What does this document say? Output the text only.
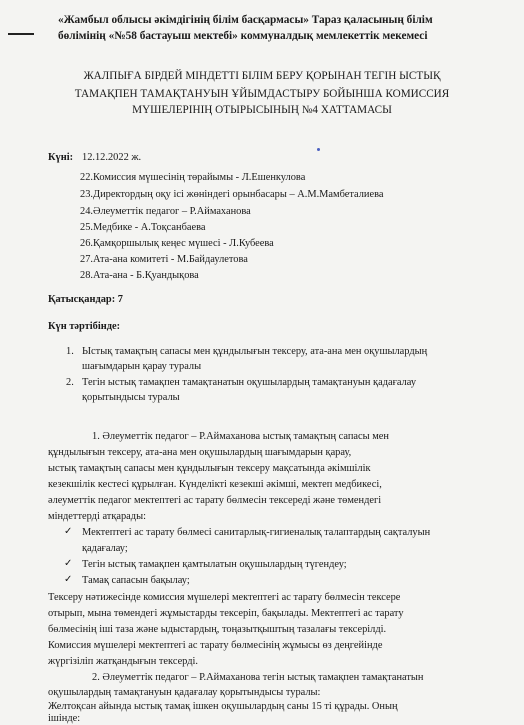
«Жамбыл облысы әкімдігінің білім басқармасы» Тараз қаласының білім
бөлімінің «№58 бастауыш мектебі» коммуналдық мемлекеттік мекемесі
ЖАЛПЫҒА БІРДЕЙ МІНДЕТТІ БІЛІМ БЕРУ ҚОРЫНАН ТЕГІН ЫСТЫҚ
ТАМАҚПЕН ТАМАҚТАНУЫН ҰЙЫМДАСТЫРУ БОЙЫНША КОМИССИЯ
МҮШЕЛЕРІНІҢ ОТЫРЫСЫНЫҢ №4 ХАТТАМАСЫ
Күні: 12.12.2022 ж.
22.Комиссия мүшесінің төрайымы - Л.Ешенкулова
23.Директордың оқу ісі жөніндегі орынбасары – А.М.Мамбеталиева
24.Әлеуметтік педагог – Р.Аймаханова
25.Медбике - А.Тоқсанбаева
26.Қамқоршылық кеңес мүшесі - Л.Кубеева
27.Ата-ана комитеті - М.Байдаулетова
28.Ата-ана - Б.Қуандықова
Қатысқандар: 7
Күн тәртібінде:
1. Ыстық тамақтың сапасы мен құндылығын тексеру, ата-ана мен оқушылардың
шағымдарын қарау туралы
2. Тегін ыстық тамақпен тамақтанатын оқушылардың тамақтануын қадағалау
қорытындысы туралы
1. Әлеуметтік педагог – Р.Аймаханова ыстық тамақтың сапасы мен
құндылығын тексеру, ата-ана мен оқушылардың шағымдарын қарау,
ыстық тамақтың сапасы мен құндылығын тексеру мақсатында әкімшілік
кезекшілік кестесі құрылған. Күнделікті кезекші әкімші, мектеп медбикесі,
әлеуметтік педагог мектептегі ас тарату бөлмесін тексереді және төмендегі
міндеттерді атқарады:
✓ Мектептегі ас тарату бөлмесі санитарлық-гигиеналық талаптардың сақталуын
қадағалау;
✓ Тегін ыстық тамақпен қамтылатын оқушылардың түгендеу;
✓ Тамақ сапасын бақылау;
Тексеру нәтижесінде комиссия мүшелері мектептегі ас тарату бөлмесін тексере
отырып, мына төмендегі жұмыстарды тексеріп, бақылады. Мектептегі ас тарату
бөлмесінің іші таза және ыдыстардың, тоңазытқыштың тазалағы тексерілді.
Комиссия мүшелері мектептегі ас тарату бөлмесінің жұмысы өз деңгейінде
жүргізіліп жатқандығын тексерді.
2. Әлеуметтік педагог – Р.Аймаханова тегін ыстық тамақпен тамақтанатын
оқушылардың тамақтануын қадағалау қорытындысы туралы:
Желтоқсан айында ыстық тамақ ішкен оқушылардың саны 15 ті құрады. Оның
ішінде:
